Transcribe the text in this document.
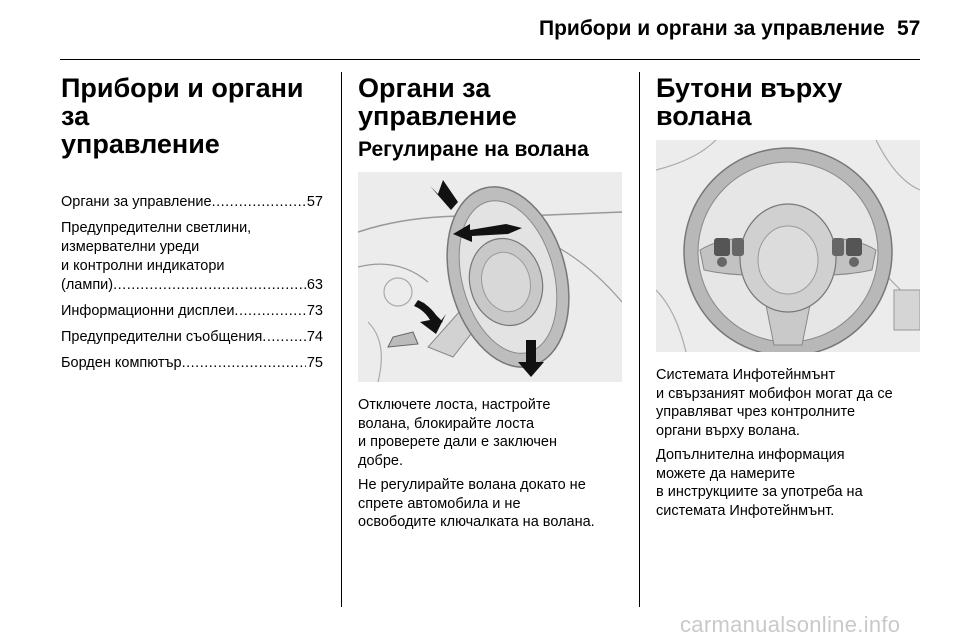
Прибори и органи за управление 57
Прибори и органи за
управление
Органи за управление .....	57
Предупредителни светлини,
измервателни уреди
и контролни индикатори
(лампи) .....	63
Информационни дисплеи .....	73
Предупредителни съобщения .....	74
Борден компютър .....	75
Органи за управление
Регулиране на волана

Отключете лоста, настройте
волана, блокирайте лоста
и проверете дали е заключен
добре.

Не регулирайте волана докато не
спрете автомобила и не
освободите ключалката на волана.

Бутони върху волана

Системата Инфотейнмънт
и свързаният мобифон могат да се
управляват чрез контролните
органи върху волана.

Допълнителна информация
можете да намерите
в инструкциите за употреба на
системата Инфотейнмънт.

carmanualsonline.info
